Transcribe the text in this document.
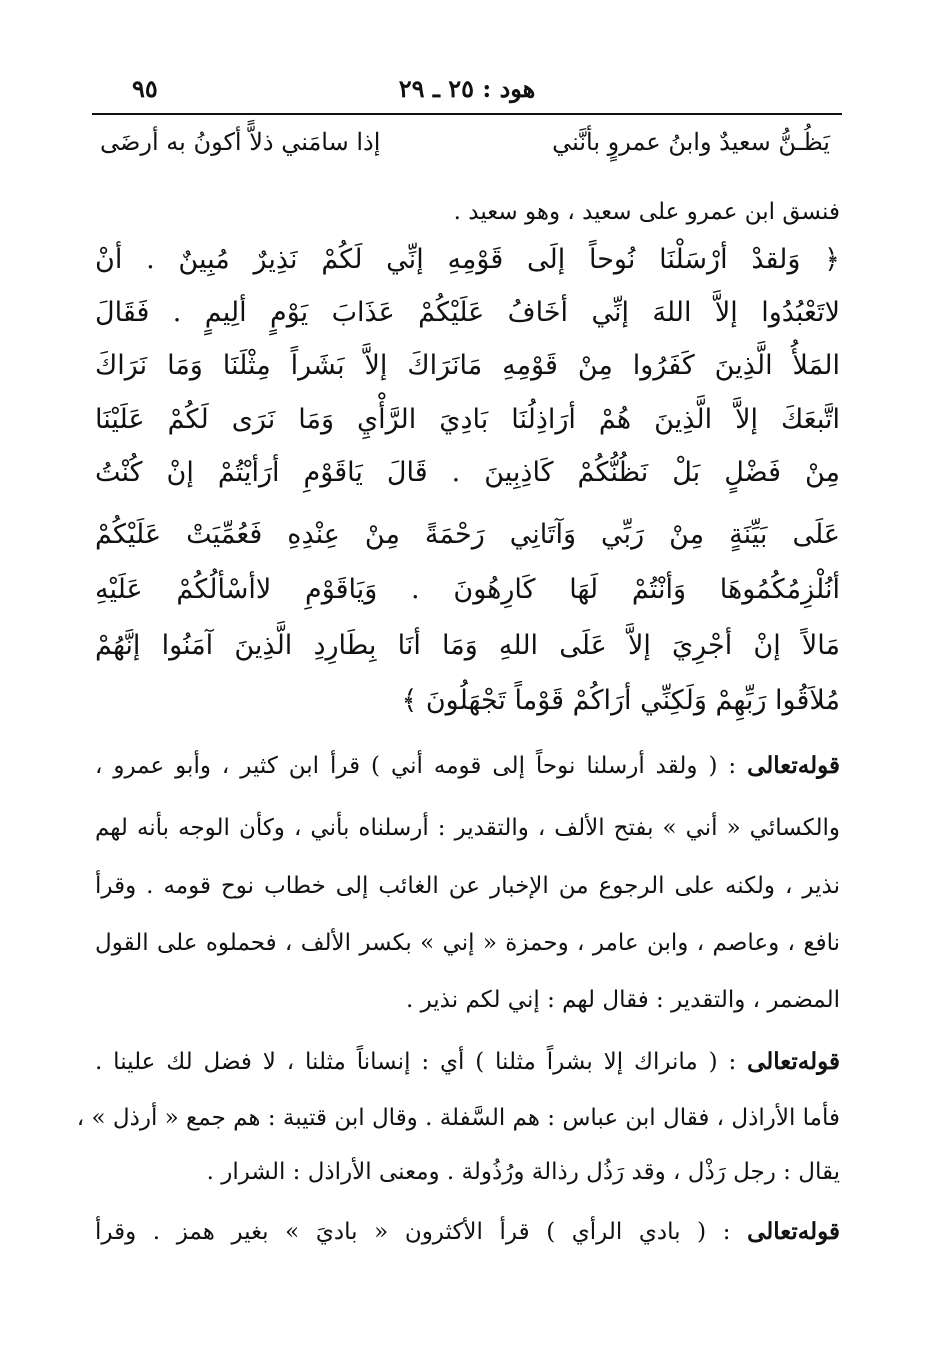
هود : ٢٥ ـ ٢٩
٩٥
يَظُـنُّ سعيدٌ وابنُ عمروٍ بأنَّني
إذا سامَني ذلاًّ أكونُ به أرضَى
فنسق ابن عمرو على سعيد ، وهو سعيد .
﴿ وَلقدْ أرْسَلْنَا نُوحاً إلَى قَوْمِهِ إنِّي لَكُمْ نَذِيرٌ مُبِينٌ . أنْ
لاتَعْبُدُوا إلاَّ اللهَ إنِّي أخَافُ عَلَيْكُمْ عَذَابَ يَوْمٍ ألِيمٍ . فَقَالَ
المَلأُ الَّذِينَ كَفَرُوا مِنْ قَوْمِهِ مَانَرَاكَ إلاَّ بَشَراً مِثْلَنَا وَمَا نَرَاكَ
اتَّبعَكَ إلاَّ الَّذِينَ هُمْ أرَاذِلُنَا بَادِيَ الرَّأْيِ وَمَا نَرَى لَكُمْ عَلَيْنَا
مِنْ فَضْلٍ بَلْ نَظُنُّكُمْ كَاذِبِينَ . قَالَ يَاقَوْمِ أرَأيْتُمْ إنْ كُنْتُ
عَلَى بَيِّنَةٍ مِنْ رَبِّي وَآتَانِي رَحْمَةً مِنْ عِنْدِهِ فَعُمِّيَتْ عَلَيْكُمْ
أنُلْزِمُكُمُوهَا وَأنْتُمْ لَهَا كَارِهُونَ . وَيَاقَوْمِ لاأسْألُكُمْ عَلَيْهِ
مَالاً إنْ أجْرِيَ إلاَّ عَلَى اللهِ وَمَا أنَا بِطَارِدِ الَّذِينَ آمَنُوا إنَّهُمْ
مُلاَقُوا رَبِّهِمْ وَلَكِنِّي أرَاكُمْ قَوْماً تَجْهَلُونَ ﴾
قوله‌تعالى : ( ولقد أرسلنا نوحاً إلى قومه أني ) قرأ ابن كثير ، وأبو عمرو ،
والكسائي « أني » بفتح الألف ، والتقدير : أرسلناه بأني ، وكأن الوجه بأنه لهم
نذير ، ولكنه على الرجوع من الإخبار عن الغائب إلى خطاب نوح قومه . وقرأ
نافع ، وعاصم ، وابن عامر ، وحمزة « إني » بكسر الألف ، فحملوه على القول
المضمر ، والتقدير : فقال لهم : إني لكم نذير .
قوله‌تعالى : ( مانراك إلا بشراً مثلنا ) أي : إنساناً مثلنا ، لا فضل لك علينا .
فأما الأراذل ، فقال ابن عباس : هم السَّفلة . وقال ابن قتيبة : هم جمع « أرذل » ،
يقال : رجل رَذْل ، وقد رَذُل رذالة ورُذُولة . ومعنى الأراذل : الشرار .
قوله‌تعالى : ( بادي الرأي ) قرأ الأكثرون « باديَ » بغير همز . وقرأ
